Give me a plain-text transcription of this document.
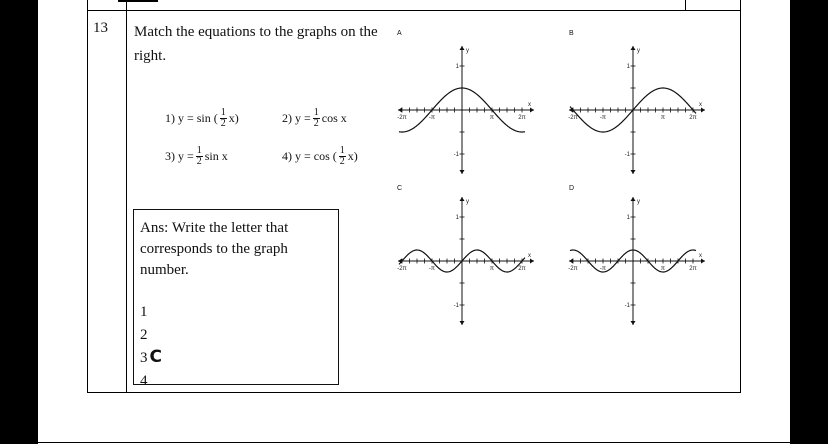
13 Match the equations to the graphs on the right.
1) y = sin ( $\frac{1}{2} x$)	2) $y = \frac{1}{2}$ cos x
3) $y = \frac{1}{2}$ sin x	4) y = cos ( $\frac{1}{2} x$)
Ans: Write the letter that corresponds to the graph number.
1
2
3 C
4
A	B
C	D
-2π	-π	π	2π
1
-1
y
x
-2π	-π	π	2π
1
-1
y
x
-2π	-π	π	2π
1
-1
y
x
-2π	-π	π	2π
1
-1
y
x
